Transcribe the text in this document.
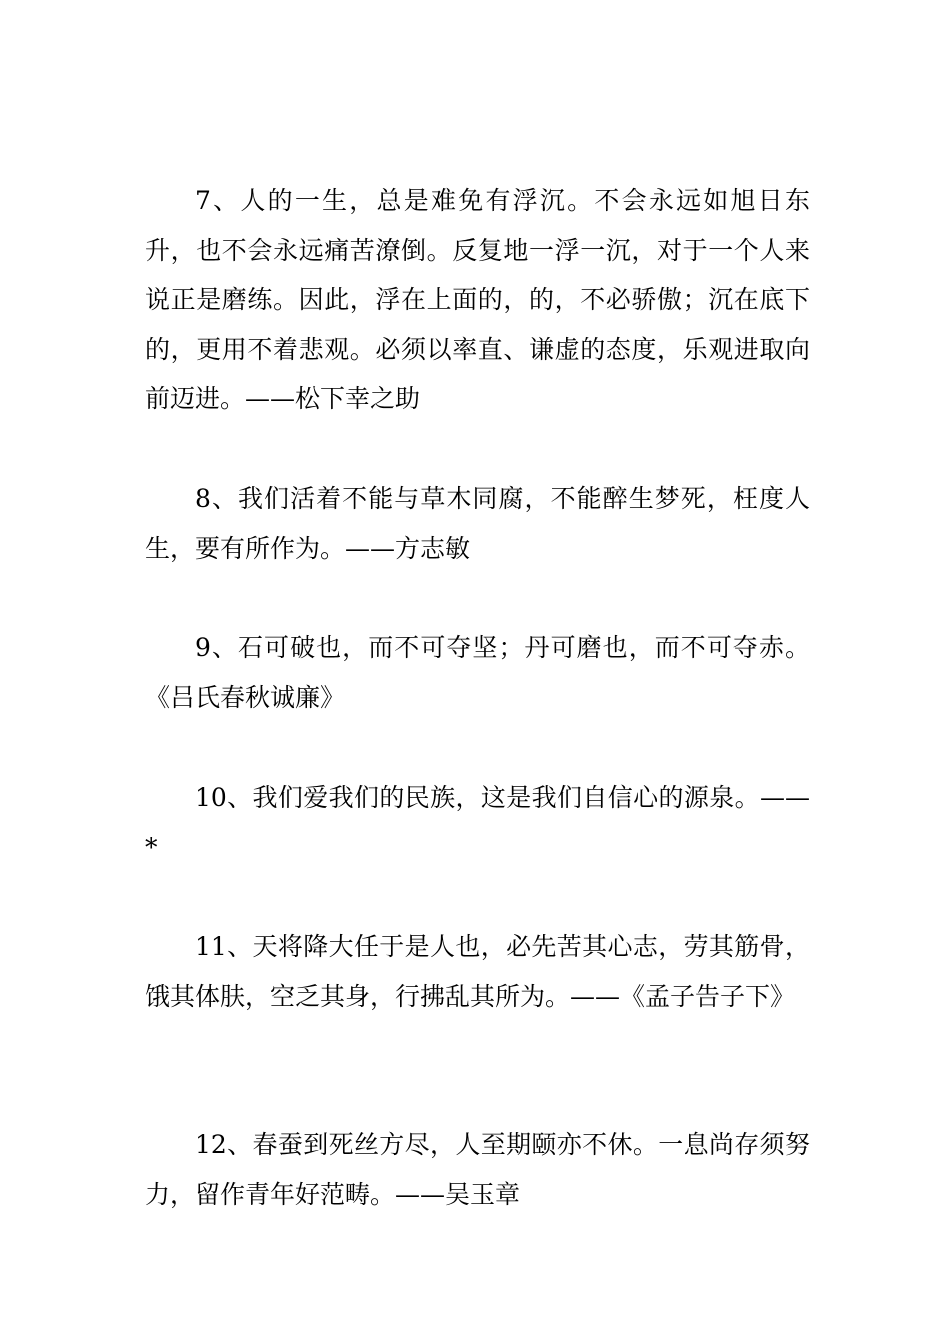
7、人的一生，总是难免有浮沉。不会永远如旭日东升，也不会永远痛苦潦倒。反复地一浮一沉，对于一个人来说正是磨练。因此，浮在上面的，的，不必骄傲；沉在底下的，更用不着悲观。必须以率直、谦虚的态度，乐观进取向前迈进。——松下幸之助

8、我们活着不能与草木同腐，不能醉生梦死，枉度人生，要有所作为。——方志敏

9、石可破也，而不可夺坚；丹可磨也，而不可夺赤。《吕氏春秋诚廉》

10、我们爱我们的民族，这是我们自信心的源泉。——*

11、天将降大任于是人也，必先苦其心志，劳其筋骨，饿其体肤，空乏其身，行拂乱其所为。——《孟子告子下》

12、春蚕到死丝方尽，人至期颐亦不休。一息尚存须努力，留作青年好范畴。——吴玉章
